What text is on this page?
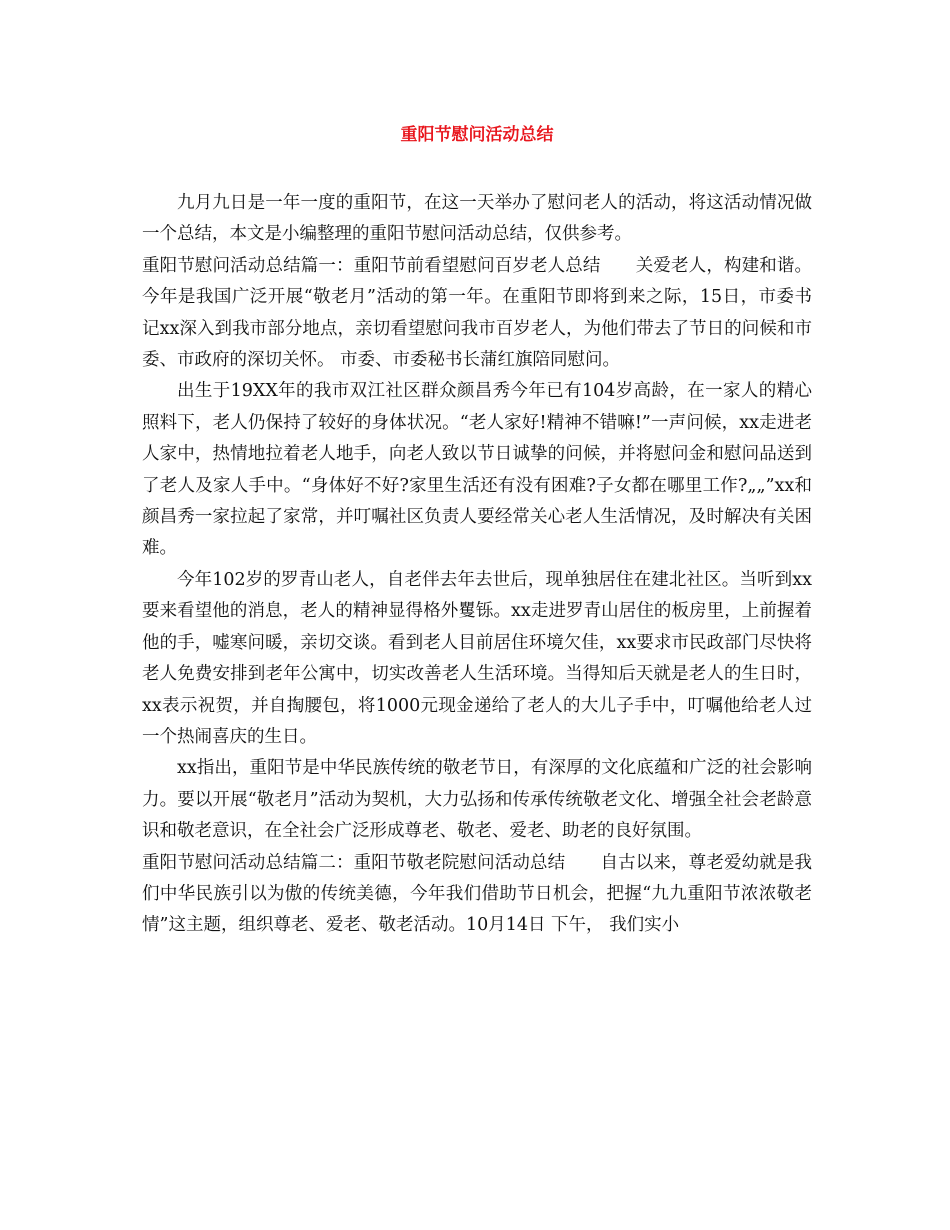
重阳节慰问活动总结

九月九日是一年一度的重阳节，在这一天举办了慰问老人的活动，将这活动情况做一个总结，本文是小编整理的重阳节慰问活动总结，仅供参考。

重阳节慰问活动总结篇一：重阳节前看望慰问百岁老人总结　　关爱老人，构建和谐。今年是我国广泛开展“敬老月”活动的第一年。在重阳节即将到来之际，15日，市委书记xx深入到我市部分地点，亲切看望慰问我市百岁老人，为他们带去了节日的问候和市委、市政府的深切关怀。 市委、市委秘书长蒲红旗陪同慰问。

出生于19XX年的我市双江社区群众颜昌秀今年已有104岁高龄，在一家人的精心照料下，老人仍保持了较好的身体状况。“老人家好!精神不错嘛!”一声问候，xx走进老人家中，热情地拉着老人地手，向老人致以节日诚挚的问候，并将慰问金和慰问品送到了老人及家人手中。“身体好不好?家里生活还有没有困难?子女都在哪里工作?„„”xx和颜昌秀一家拉起了家常，并叮嘱社区负责人要经常关心老人生活情况，及时解决有关困难。

今年102岁的罗青山老人，自老伴去年去世后，现单独居住在建北社区。当听到xx要来看望他的消息，老人的精神显得格外矍铄。xx走进罗青山居住的板房里，上前握着他的手，嘘寒问暖，亲切交谈。看到老人目前居住环境欠佳，xx要求市民政部门尽快将老人免费安排到老年公寓中，切实改善老人生活环境。当得知后天就是老人的生日时，xx表示祝贺，并自掏腰包，将1000元现金递给了老人的大儿子手中，叮嘱他给老人过一个热闹喜庆的生日。

xx指出，重阳节是中华民族传统的敬老节日，有深厚的文化底蕴和广泛的社会影响力。要以开展“敬老月”活动为契机，大力弘扬和传承传统敬老文化、增强全社会老龄意识和敬老意识，在全社会广泛形成尊老、敬老、爱老、助老的良好氛围。

重阳节慰问活动总结篇二：重阳节敬老院慰问活动总结　　自古以来，尊老爱幼就是我们中华民族引以为傲的传统美德，今年我们借助节日机会，把握“九九重阳节浓浓敬老情”这主题，组织尊老、爱老、敬老活动。10月14日 下午， 我们实小
